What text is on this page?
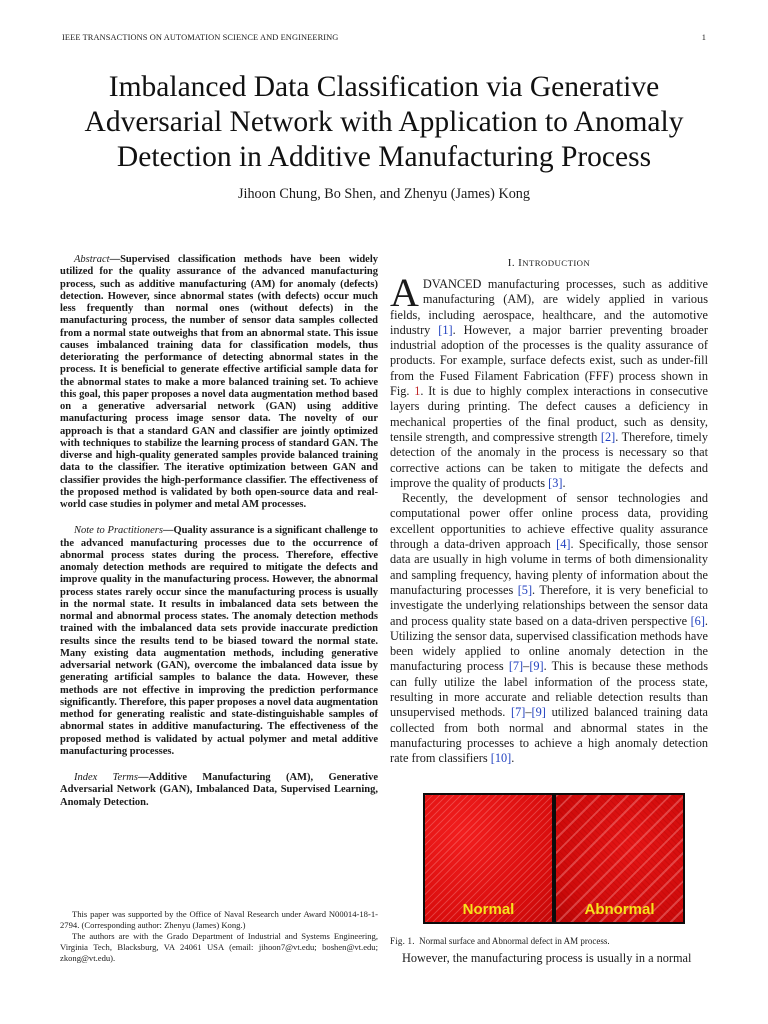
IEEE TRANSACTIONS ON AUTOMATION SCIENCE AND ENGINEERING	1
Imbalanced Data Classification via Generative Adversarial Network with Application to Anomaly Detection in Additive Manufacturing Process
Jihoon Chung, Bo Shen, and Zhenyu (James) Kong

Abstract—Supervised classification methods have been widely utilized for the quality assurance of the advanced manufacturing process, such as additive manufacturing (AM) for anomaly (defects) detection. However, since abnormal states (with defects) occur much less frequently than normal ones (without defects) in the manufacturing process, the number of sensor data samples collected from a normal state outweighs that from an abnormal state. This issue causes imbalanced training data for classification models, thus deteriorating the performance of detecting abnormal states in the process. It is beneficial to generate effective artificial sample data for the abnormal states to make a more balanced training set. To achieve this goal, this paper proposes a novel data augmentation method based on a generative adversarial network (GAN) using additive manufacturing process image sensor data. The novelty of our approach is that a standard GAN and classifier are jointly optimized with techniques to stabilize the learning process of standard GAN. The diverse and high-quality generated samples provide balanced training data to the classifier. The iterative optimization between GAN and classifier provides the high-performance classifier. The effectiveness of the proposed method is validated by both open-source data and real-world case studies in polymer and metal AM processes.

Note to Practitioners—Quality assurance is a significant challenge to the advanced manufacturing processes due to the occurrence of abnormal process states during the process. Therefore, effective anomaly detection methods are required to mitigate the defects and improve quality in the manufacturing process. However, the abnormal process states rarely occur since the manufacturing process is usually in the normal state. It results in imbalanced data sets between the normal and abnormal process states. The anomaly detection methods trained with the imbalanced data sets provide inaccurate prediction results since the results tend to be biased toward the normal state. Many existing data augmentation methods, including generative adversarial network (GAN), overcome the imbalanced data issue by generating artificial samples to balance the data. However, these methods are not effective in improving the prediction performance significantly. Therefore, this paper proposes a novel data augmentation method for generating realistic and state-distinguishable samples of abnormal states in additive manufacturing. The effectiveness of the proposed method is validated by actual polymer and metal additive manufacturing processes.

Index Terms—Additive Manufacturing (AM), Generative Adversarial Network (GAN), Imbalanced Data, Supervised Learning, Anomaly Detection.

This paper was supported by the Office of Naval Research under Award N00014-18-1-2794. (Corresponding author: Zhenyu (James) Kong.)

The authors are with the Grado Department of Industrial and Systems Engineering, Virginia Tech, Blacksburg, VA 24061 USA (email: jihoon7@vt.edu; boshen@vt.edu; zkong@vt.edu).

I. INTRODUCTION

ADVANCED manufacturing processes, such as additive manufacturing (AM), are widely applied in various fields, including aerospace, healthcare, and the automotive industry [1]. However, a major barrier preventing broader industrial adoption of the processes is the quality assurance of products. For example, surface defects exist, such as under-fill from the Fused Filament Fabrication (FFF) process shown in Fig. 1. It is due to highly complex interactions in consecutive layers during printing. The defect causes a deficiency in mechanical properties of the final product, such as density, tensile strength, and compressive strength [2]. Therefore, timely detection of the anomaly in the process is necessary so that corrective actions can be taken to mitigate the defects and improve the quality of products [3].

Recently, the development of sensor technologies and computational power offer online process data, providing excellent opportunities to achieve effective quality assurance through a data-driven approach [4]. Specifically, those sensor data are usually in high volume in terms of both dimensionality and sampling frequency, having plenty of information about the manufacturing processes [5]. Therefore, it is very beneficial to investigate the underlying relationships between the sensor data and process quality state based on a data-driven perspective [6]. Utilizing the sensor data, supervised classification methods have been widely applied to online anomaly detection in the manufacturing process [7]–[9]. This is because these methods can fully utilize the label information of the process state, resulting in more accurate and reliable detection results than unsupervised methods. [7]–[9] utilized balanced training data collected from both normal and abnormal states in the manufacturing processes to achieve a high anomaly detection rate from classifiers [10].

Normal	Abnormal
Fig. 1. Normal surface and Abnormal defect in AM process.
However, the manufacturing process is usually in a normal
